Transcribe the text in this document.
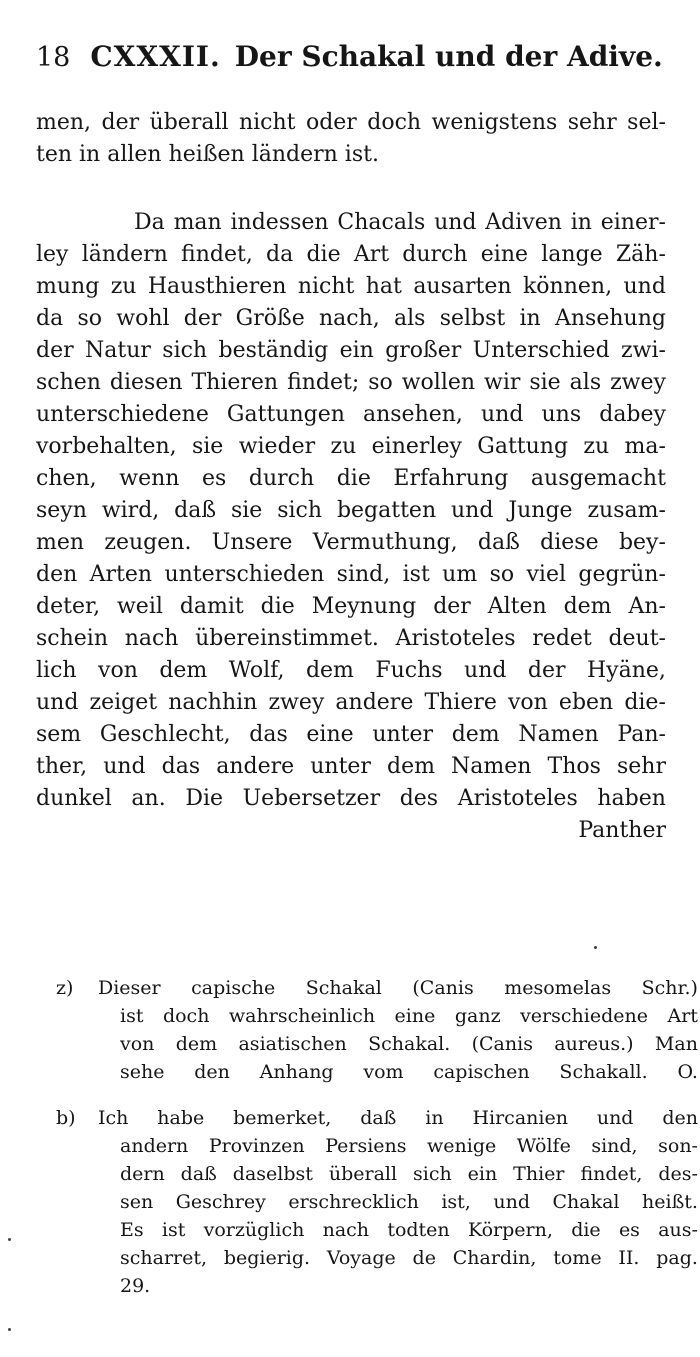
18 CXXXII. Der Schakal und der Adive.
men, der überall nicht oder doch wenigstens sehr sel-
ten in allen heißen ländern ist.
Da man indessen Chacals und Adiven in einer-
ley ländern findet, da die Art durch eine lange Zäh-
mung zu Hausthieren nicht hat ausarten können, und
da so wohl der Größe nach, als selbst in Ansehung
der Natur sich beständig ein großer Unterschied zwi-
schen diesen Thieren findet; so wollen wir sie als zwey
unterschiedene Gattungen ansehen, und uns dabey
vorbehalten, sie wieder zu einerley Gattung zu ma-
chen, wenn es durch die Erfahrung ausgemacht
seyn wird, daß sie sich begatten und Junge zusam-
men zeugen. Unsere Vermuthung, daß diese bey-
den Arten unterschieden sind, ist um so viel gegrün-
deter, weil damit die Meynung der Alten dem An-
schein nach übereinstimmet. Aristoteles redet deut-
lich von dem Wolf, dem Fuchs und der Hyäne,
und zeiget nachhin zwey andere Thiere von eben die-
sem Geschlecht, das eine unter dem Namen Pan-
ther, und das andere unter dem Namen Thos sehr
dunkel an. Die Uebersetzer des Aristoteles haben
Panther
z) Dieser capische Schakal (Canis mesomelas Schr.)
ist doch wahrscheinlich eine ganz verschiedene Art
von dem asiatischen Schakal. (Canis aureus.) Man
sehe den Anhang vom capischen Schakall. O.
b) Ich habe bemerket, daß in Hircanien und den
andern Provinzen Persiens wenige Wölfe sind, son-
dern daß daselbst überall sich ein Thier findet, des-
sen Geschrey erschrecklich ist, und Chakal heißt.
Es ist vorzüglich nach todten Körpern, die es aus-
scharret, begierig. Voyage de Chardin, tome II. pag.
29.
